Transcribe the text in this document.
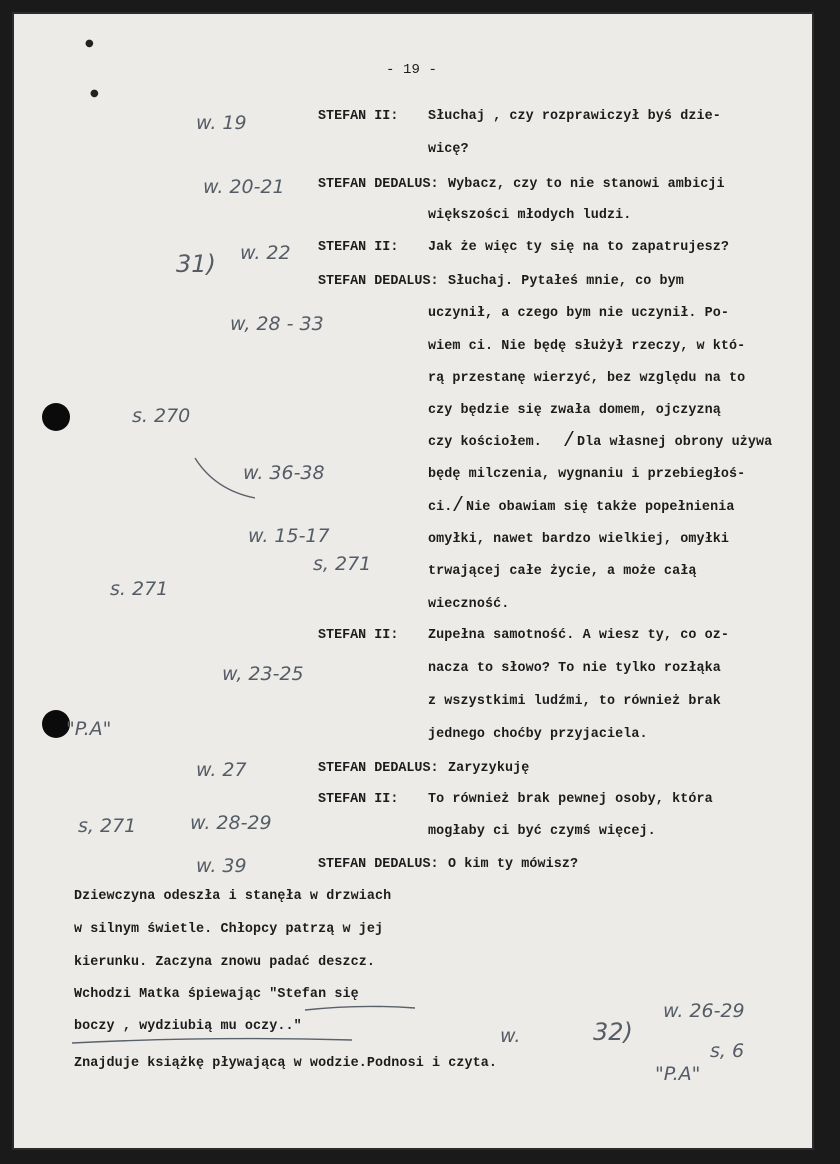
●
●
- 19 -
STEFAN II: Słuchaj , czy rozprawiczył byś dzie-
wicę?
STEFAN DEDALUS: Wybacz, czy to nie stanowi ambicji
większości młodych ludzi.
STEFAN II: Jak że więc ty się na to zapatrujesz?
STEFAN DEDALUS: Słuchaj. Pytałeś mnie, co bym
uczynił, a czego bym nie uczynił. Po-
wiem ci. Nie będę służył rzeczy, w któ-
rą przestanę wierzyć, bez względu na to
czy będzie się zwała domem, ojczyzną
czy kościołem. / Dla własnej obrony używa
będę milczenia, wygnaniu i przebiegłoś-
ci. / Nie obawiam się także popełnienia
omyłki, nawet bardzo wielkiej, omyłki
trwającej całe życie, a może całą
wieczność.
STEFAN II: Zupełna samotność. A wiesz ty, co oz-
nacza to słowo? To nie tylko rozłąka
z wszystkimi ludźmi, to również brak
jednego choćby przyjaciela.
STEFAN DEDALUS: Zaryzykuję
STEFAN II: To również brak pewnej osoby, która
mogłaby ci być czymś więcej.
STEFAN DEDALUS: O kim ty mówisz?
Dziewczyna odeszła i stanęła w drzwiach
w silnym świetle. Chłopcy patrzą w jej
kierunku. Zaczyna znowu padać deszcz.
Wchodzi Matka śpiewając "Stefan się
boczy , wydziubią mu oczy.."
Znajduje książkę pływającą w wodzie.Podnosi i czyta.
w. 19
w. 20-21
31) w. 22
w, 28 - 33
s. 270
w. 36-38
w. 15-17
s, 271
s. 271
w, 23-25
"P.A"
w. 27
s, 271	w. 28-29
w. 39
w.	32)
w. 26-29
s, 6
"P.A"
